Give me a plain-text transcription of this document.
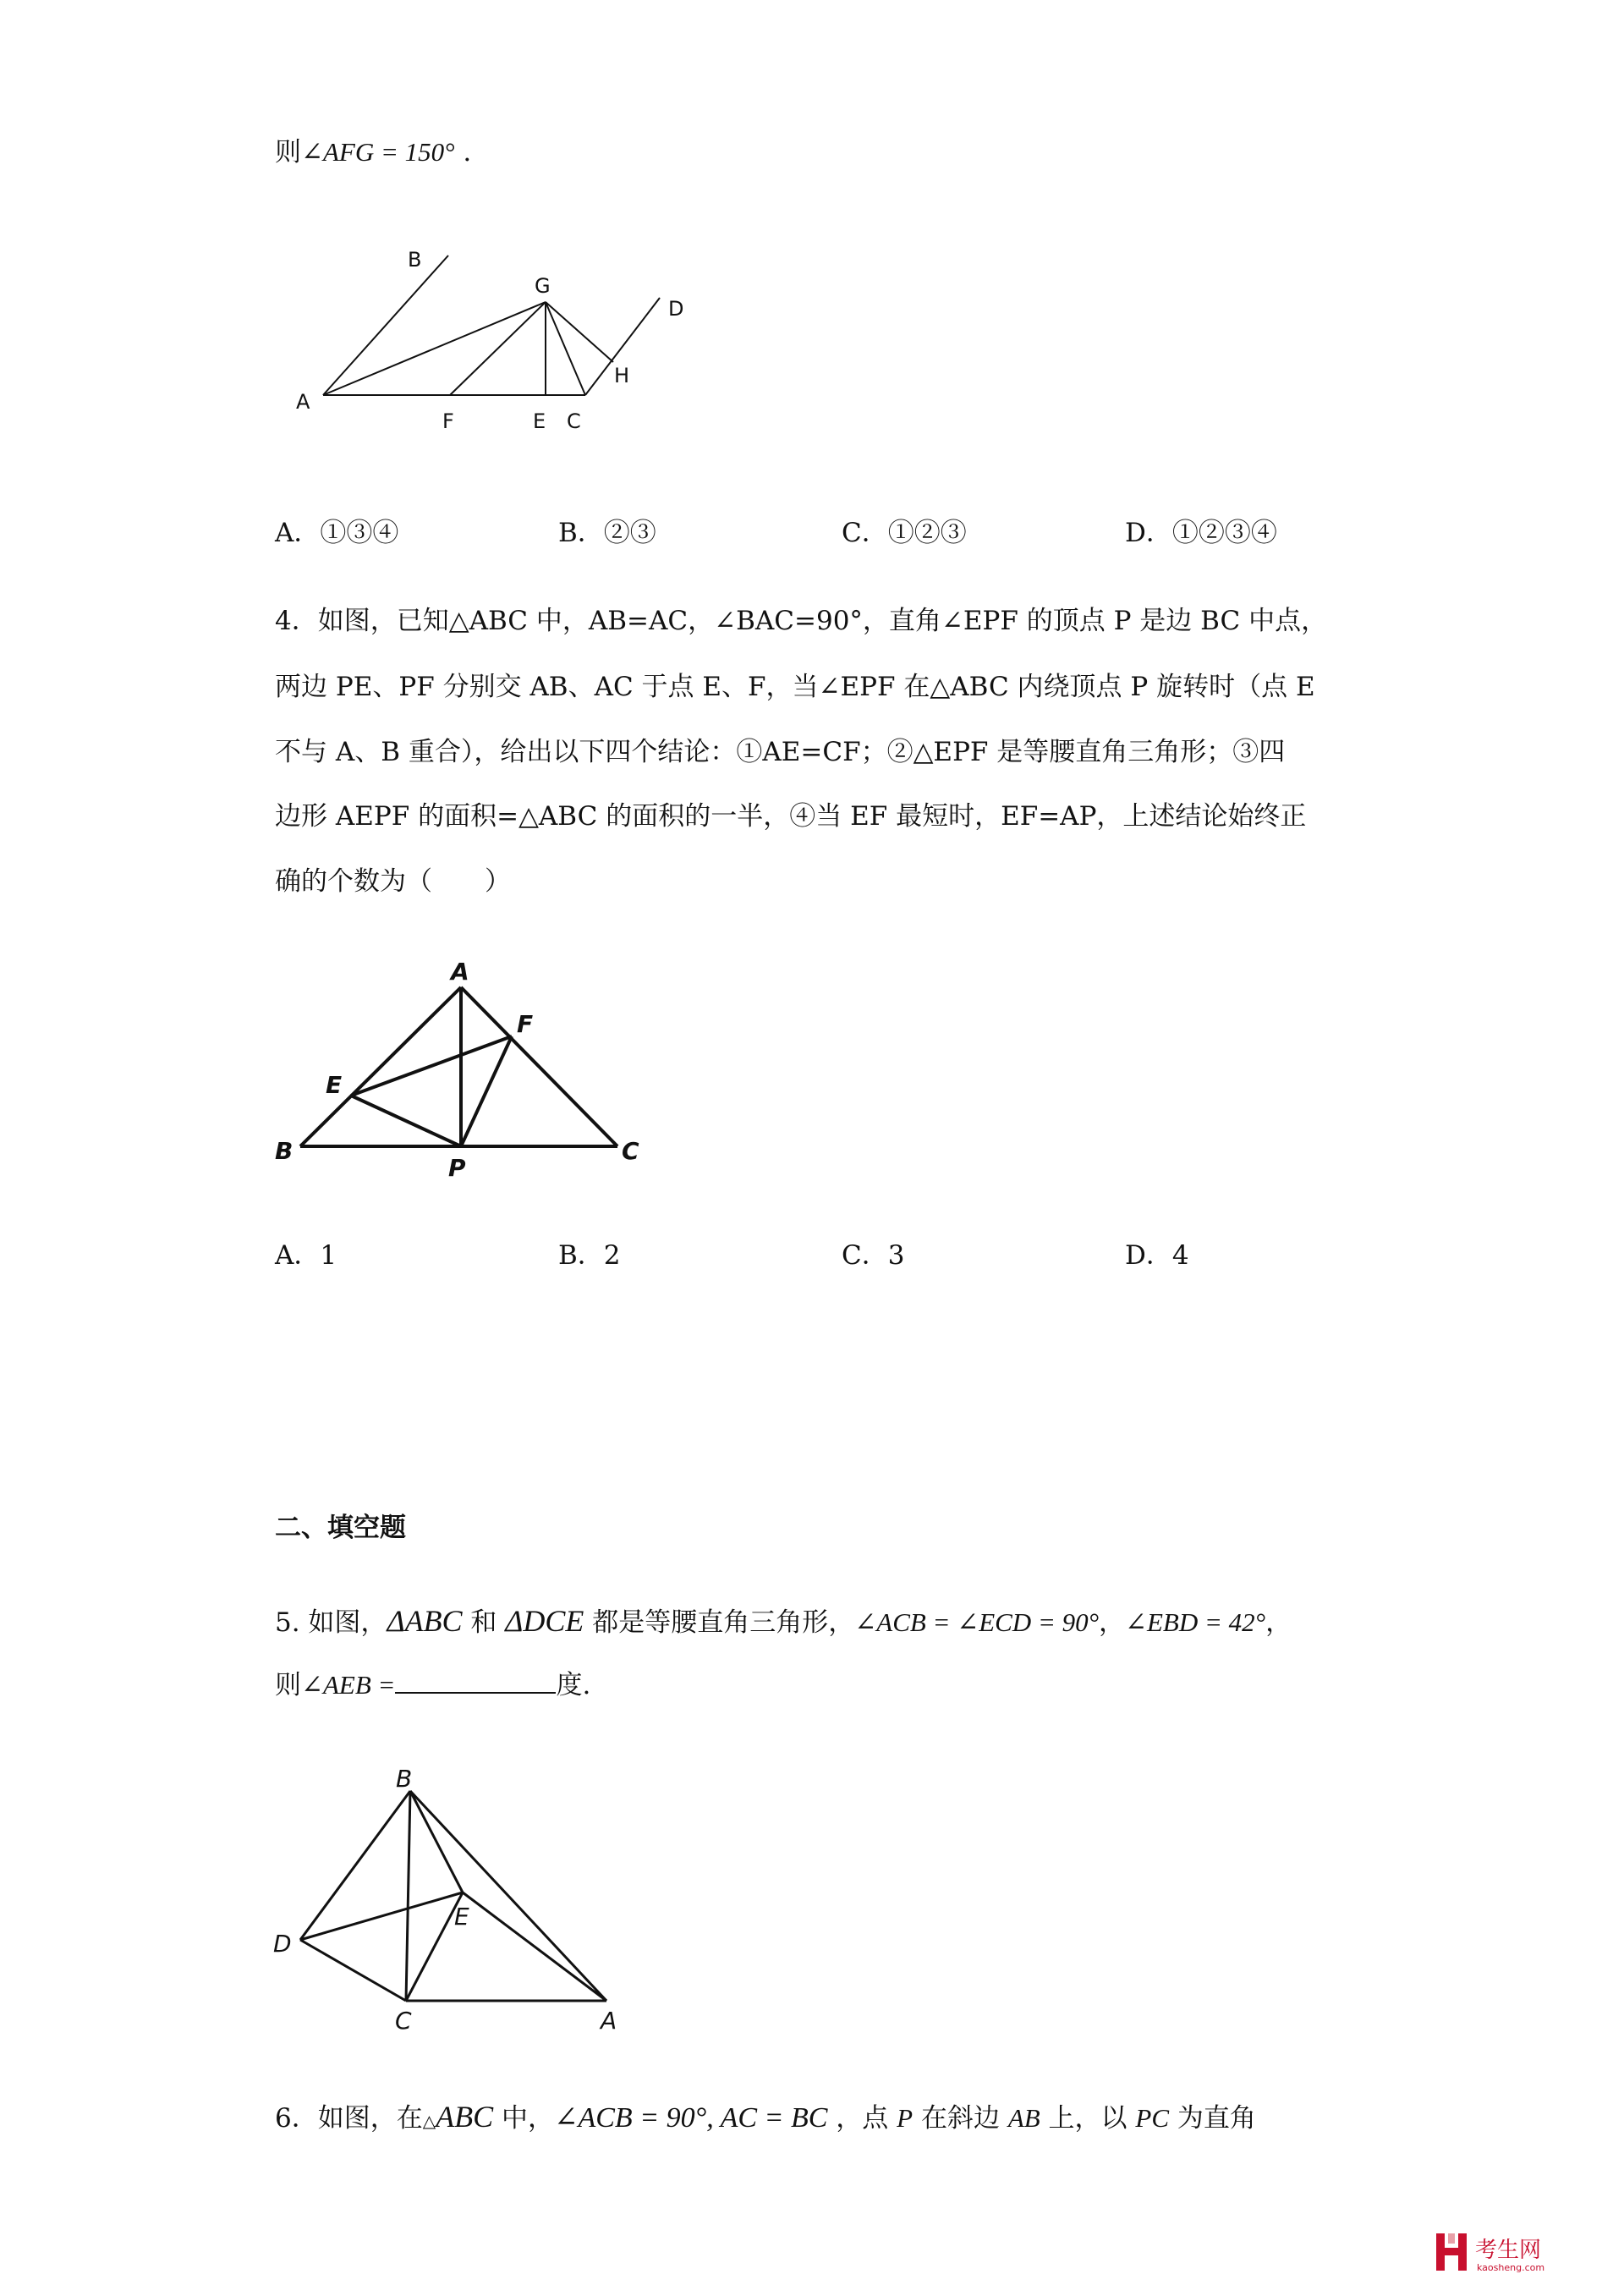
则∠AFG = 150° .
B
G
D
H
A
F	E C
A．①③④	B．②③	C．①②③	D．①②③④
4．如图，已知△ABC 中，AB=AC，∠BAC=90°，直角∠EPF 的顶点 P 是边 BC 中点，
两边 PE、PF 分别交 AB、AC 于点 E、F，当∠EPF 在△ABC 内绕顶点 P 旋转时（点 E
不与 A、B 重合），给出以下四个结论：①AE=CF；②△EPF 是等腰直角三角形；③四
边形 AEPF 的面积=△ABC 的面积的一半，④当 EF 最短时，EF=AP，上述结论始终正
确的个数为（　　）
A
F
E
B
P
C
A．1	B．2	C．3	D．4
二、填空题
5. 如图，ΔABC 和 ΔDCE 都是等腰直角三角形，∠ACB = ∠ECD = 90°，∠EBD = 42°，
则∠AEB =	度.
B
E
D
C	A
6．如图，在△ABC 中，∠ACB = 90°, AC = BC ，点 P 在斜边 AB 上，以 PC 为直角
考生网
kaosheng.com
